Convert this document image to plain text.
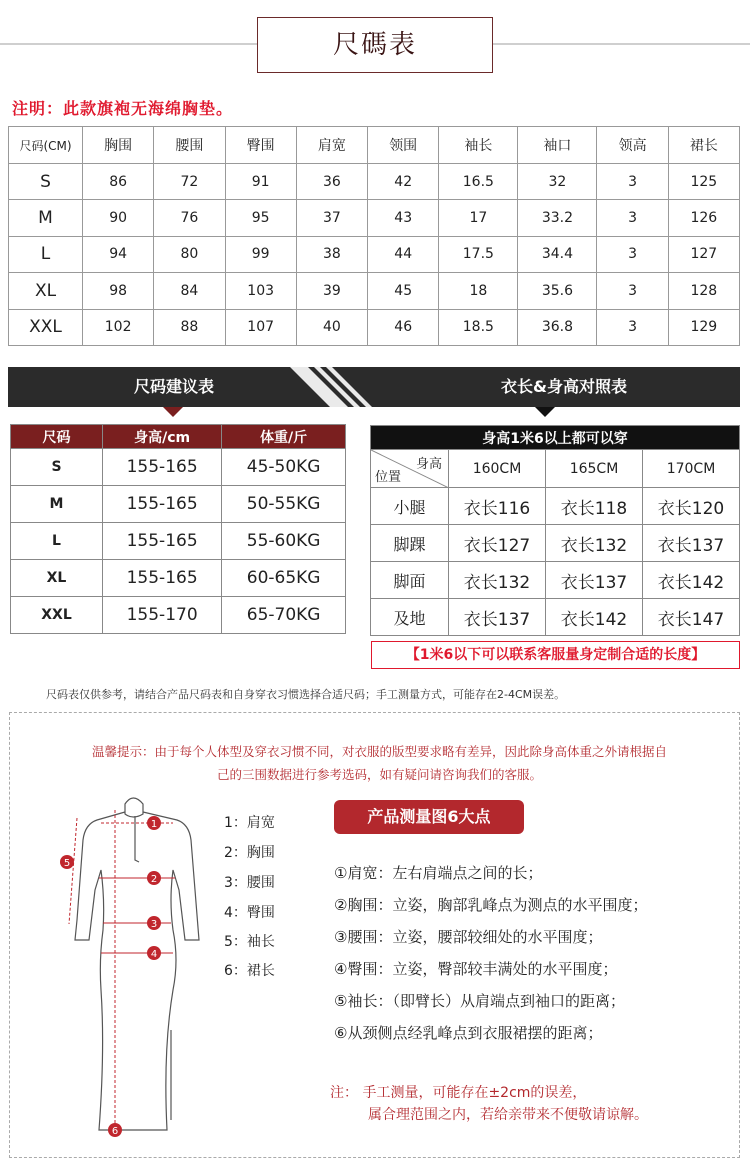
尺碼表
注明：此款旗袍无海绵胸垫。
尺码(CM)	胸围	腰围	臀围	肩宽	领围	袖长	袖口	领高	裙长
S	86	72	91	36	42	16.5	32	3	125
M	90	76	95	37	43	17	33.2	3	126
L	94	80	99	38	44	17.5	34.4	3	127
XL	98	84	103	39	45	18	35.6	3	128
XXL	102	88	107	40	46	18.5	36.8	3	129
尺码建议表	衣长&身高对照表
尺码	身高/cm	体重/斤
S	155-165	45-50KG
M	155-165	50-55KG
L	155-165	55-60KG
XL	155-165	60-65KG
XXL	155-170	65-70KG
身高1米6以上都可以穿			

身高
位置	160CM	165CM	170CM
小腿	衣长116	衣长118	衣长120
脚踝	衣长127	衣长132	衣长137
脚面	衣长132	衣长137	衣长142
及地	衣长137	衣长142	衣长147
【1米6以下可以联系客服量身定制合适的长度】
尺码表仅供参考，请结合产品尺码表和自身穿衣习惯选择合适尺码；手工测量方式，可能存在2-4CM误差。
温馨提示：由于每个人体型及穿衣习惯不同，对衣服的版型要求略有差异，因此除身高体重之外请根据自
己的三围数据进行参考选码，如有疑问请咨询我们的客服。
1
2
3
4
5
6
1：肩宽
2：胸围
3：腰围
4：臀围
5：袖长
6：裙长
产品测量图6大点
①肩宽：左右肩端点之间的长；
②胸围：立姿，胸部乳峰点为测点的水平围度；
③腰围：立姿，腰部较细处的水平围度；
④臀围：立姿，臀部较丰满处的水平围度；
⑤袖长：（即臂长）从肩端点到袖口的距离；
⑥从颈侧点经乳峰点到衣服裙摆的距离；
注： 手工测量，可能存在±2cm的误差，
属合理范围之内，若给亲带来不便敬请谅解。
